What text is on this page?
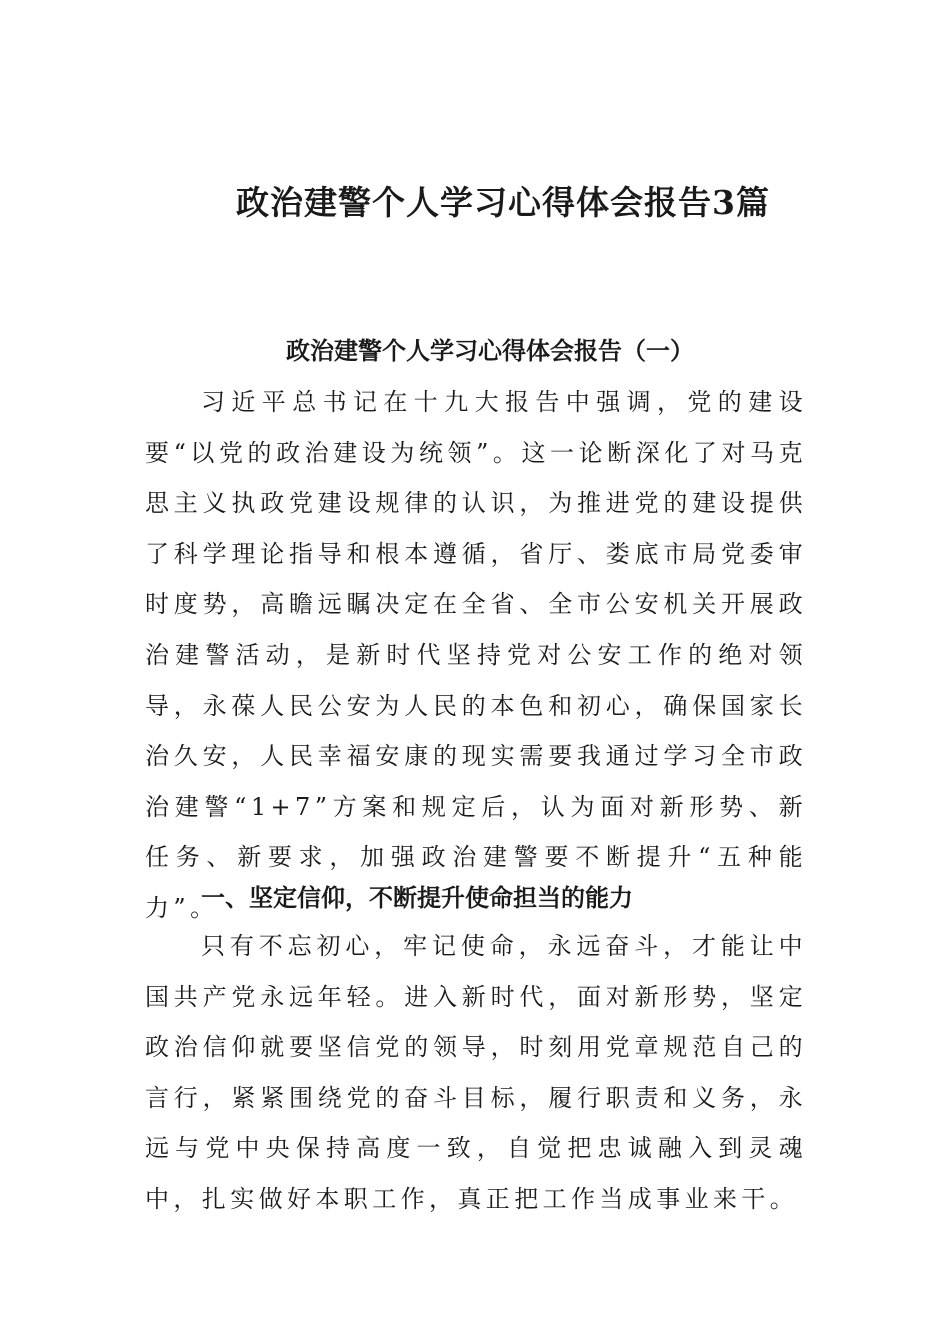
政治建警个人学习心得体会报告3篇
政治建警个人学习心得体会报告（一）

习近平总书记在十九大报告中强调，党的建设要“以党的政治建设为统领”。这一论断深化了对马克思主义执政党建设规律的认识，为推进党的建设提供了科学理论指导和根本遵循，省厅、娄底市局党委审时度势，高瞻远瞩决定在全省、全市公安机关开展政治建警活动，是新时代坚持党对公安工作的绝对领导，永葆人民公安为人民的本色和初心，确保国家长治久安，人民幸福安康的现实需要我通过学习全市政治建警“1+7”方案和规定后，认为面对新形势、新任务、新要求，加强政治建警要不断提升“五种能力”。

一、坚定信仰，不断提升使命担当的能力

只有不忘初心，牢记使命，永远奋斗，才能让中国共产党永远年轻。进入新时代，面对新形势，坚定政治信仰就要坚信党的领导，时刻用党章规范自己的言行，紧紧围绕党的奋斗目标，履行职责和义务，永远与党中央保持高度一致，自觉把忠诚融入到灵魂中，扎实做好本职工作，真正把工作当成事业来干。
